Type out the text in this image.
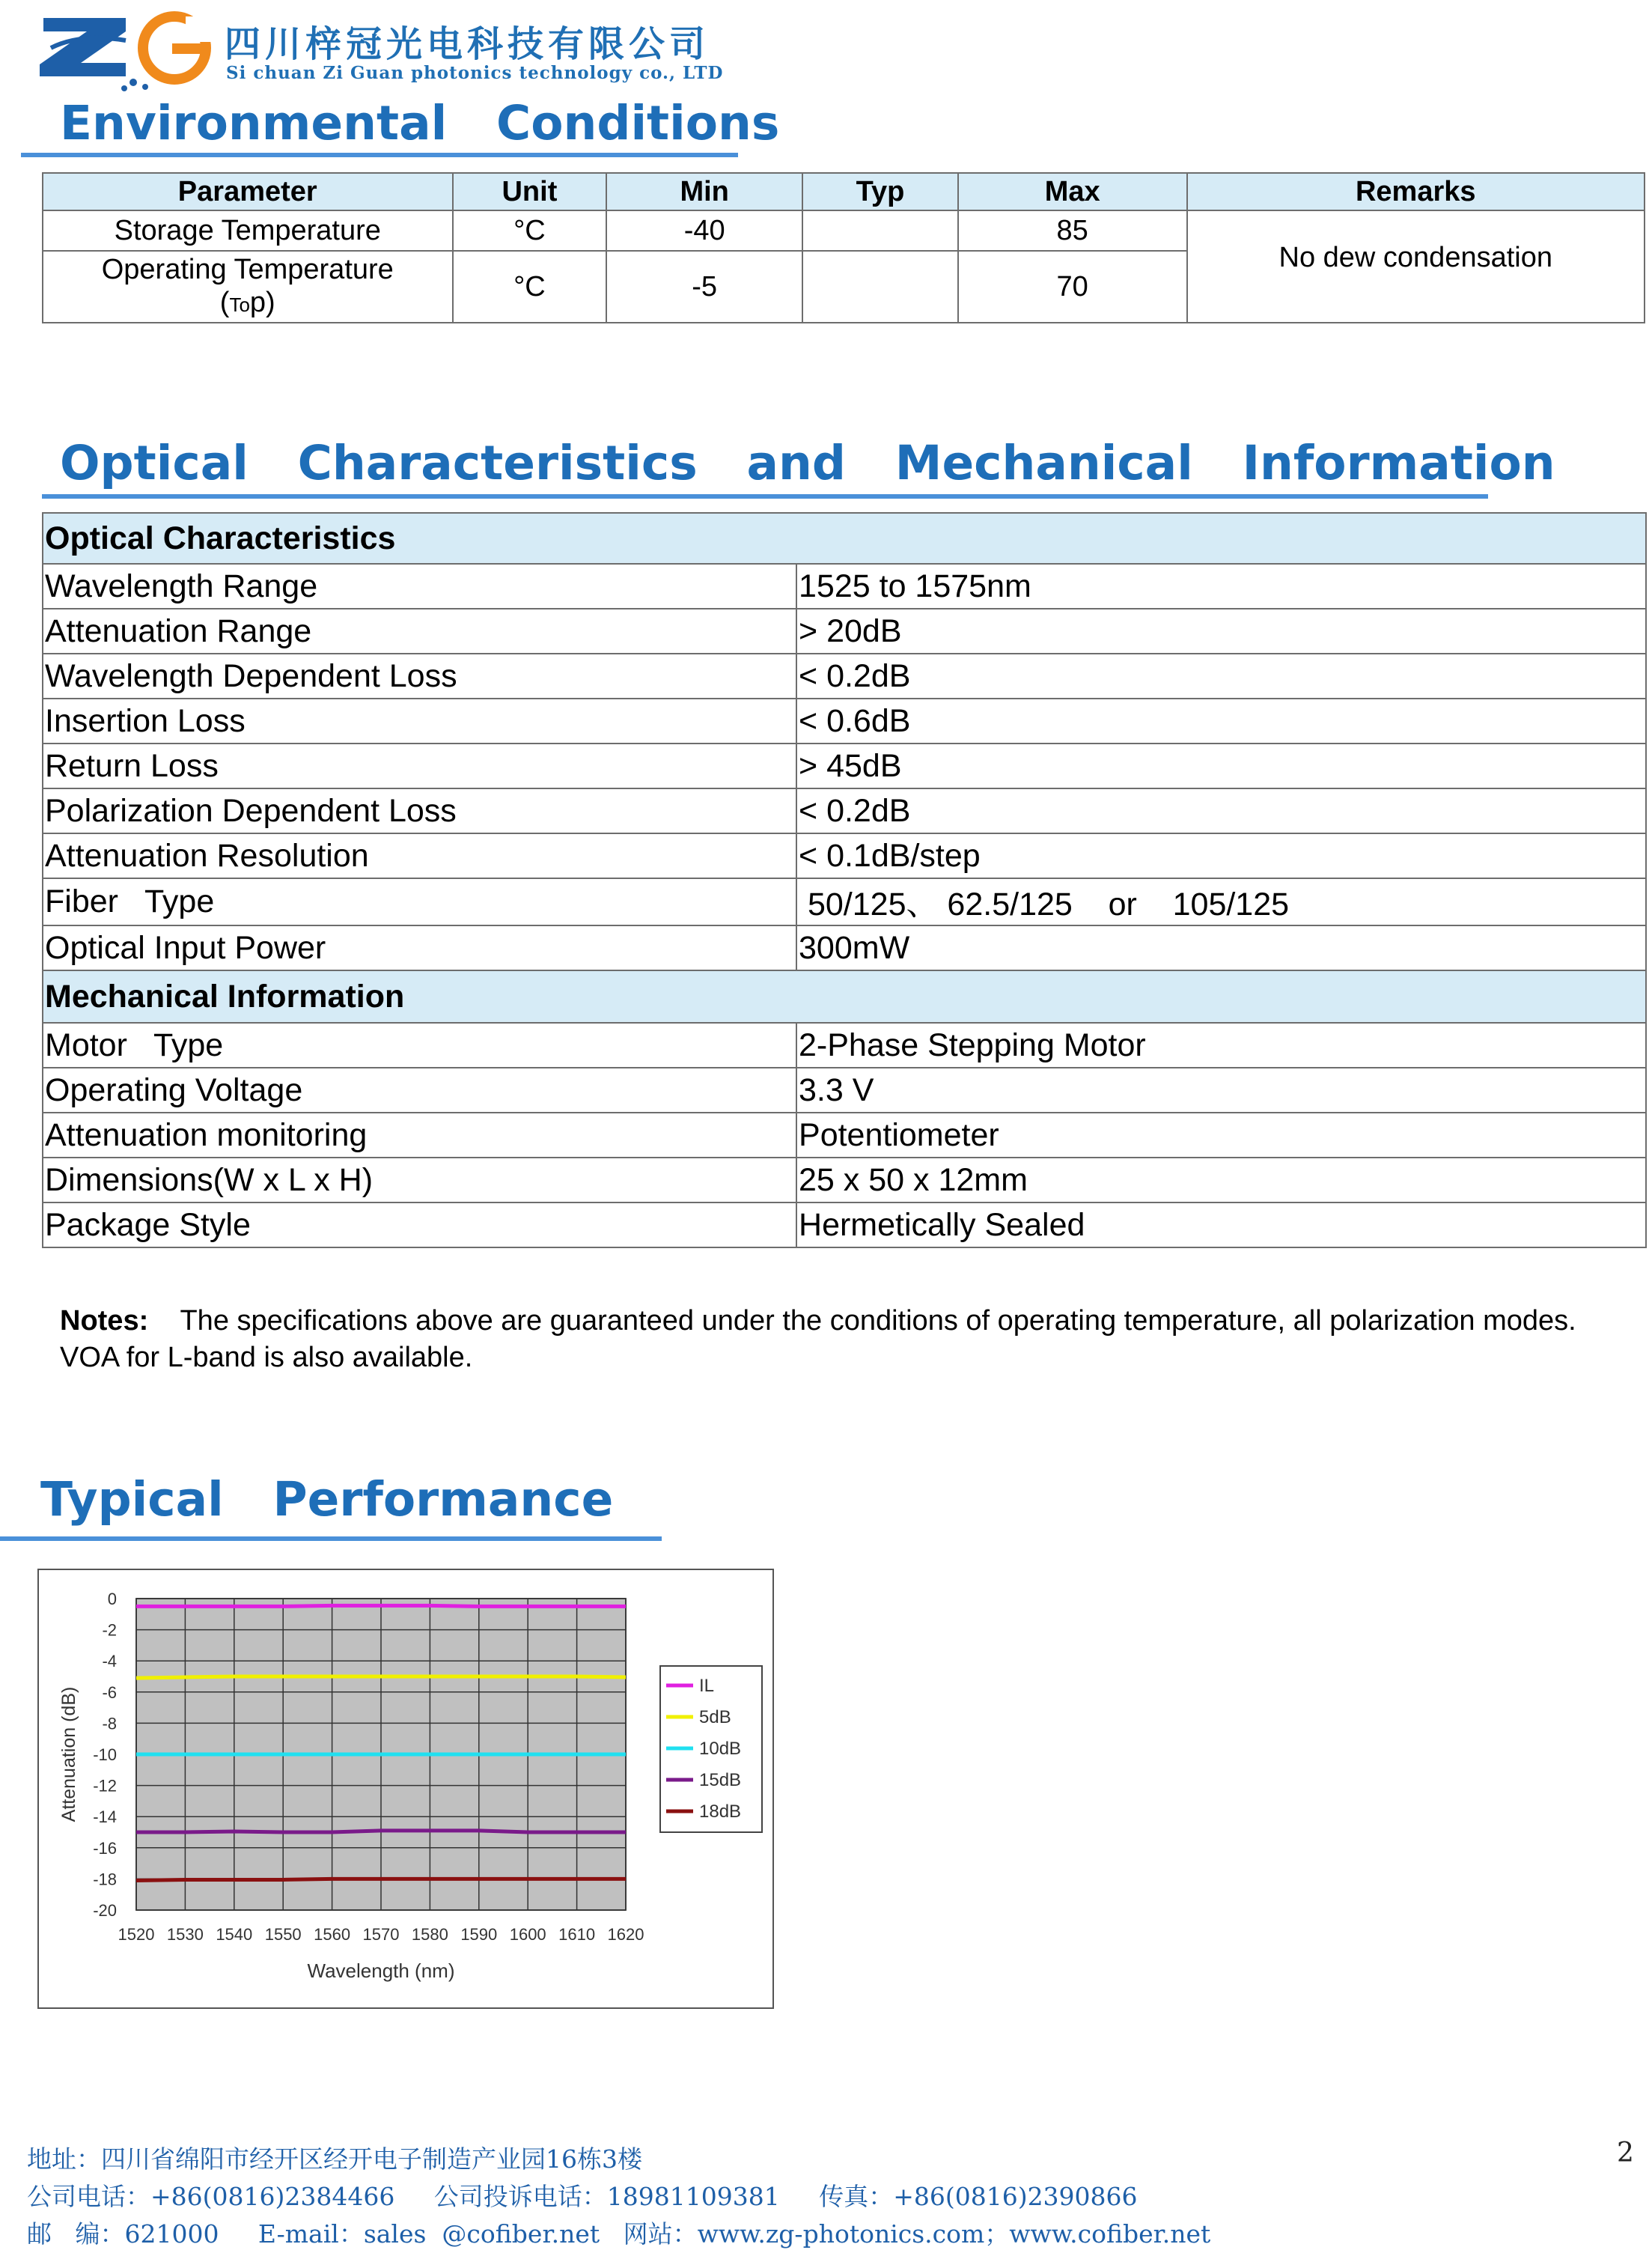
四川梓冠光电科技有限公司
Si chuan Zi Guan photonics technology co., LTD
Environmental   Conditions
Parameter	Unit	Min	Typ	Max	Remarks
Storage Temperature	°C	-40		85	No dew condensation
Operating Temperature
(Top)	°C	-5		70	
Optical   Characteristics   and   Mechanical   Information
Optical Characteristics	
Wavelength Range	1525 to 1575nm
Attenuation Range	> 20dB
Wavelength Dependent Loss	< 0.2dB
Insertion Loss	< 0.6dB
Return Loss	> 45dB
Polarization Dependent Loss	< 0.2dB
Attenuation Resolution	< 0.1dB/step
Fiber   Type	50/125、 62.5/125    or    105/125
Optical Input Power	300mW
Mechanical Information	
Motor   Type	2-Phase Stepping Motor
Operating Voltage	3.3 V
Attenuation monitoring	Potentiometer
Dimensions(W x L x H)	25 x 50 x 12mm
Package Style	Hermetically Sealed
Notes: The specifications above are guaranteed under the conditions of operating temperature, all polarization modes. VOA for L-band is also available.
Typical   Performance
1520 1530 1540 1550 1560 1570 1580 1590 1600 1610 1620
0
-2
-4
-6
-8
-10
-12
-14
-16
-18
-20
Wavelength (nm)
Attenuation (dB)
IL
5dB
10dB
15dB
18dB
地址：四川省绵阳市经开区经开电子制造产业园16栋3楼
公司电话：+86(0816)2384466     公司投诉电话：18981109381     传真：+86(0816)2390866
邮   编：621000     E-mail：sales  @cofiber.net   网站：www.zg-photonics.com；www.cofiber.net
2
